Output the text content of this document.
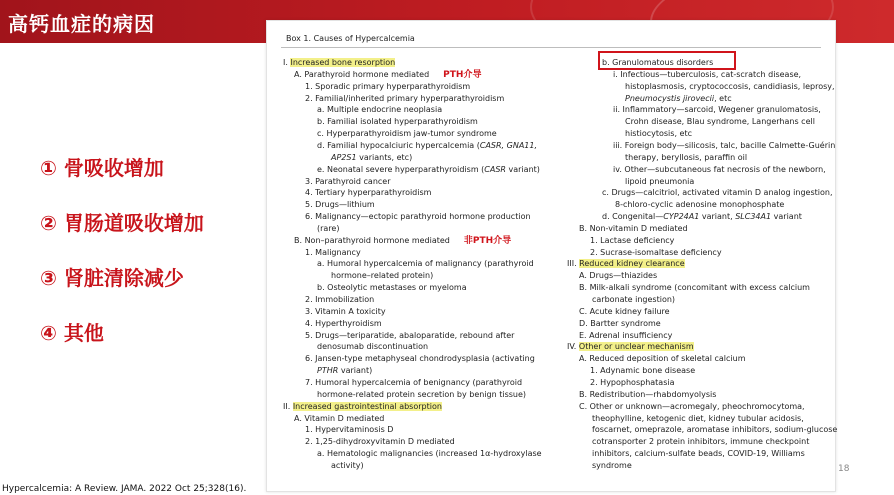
高钙血症的病因
① 骨吸收增加
② 胃肠道吸收增加
③ 肾脏清除减少
④ 其他
Box 1. Causes of Hypercalcemia
I. Increased bone resorption
A. Parathyroid hormone mediated PTH介导
1. Sporadic primary hyperparathyroidism
2. Familial/inherited primary hyperparathyroidism
a. Multiple endocrine neoplasia
b. Familial isolated hyperparathyroidism
c. Hyperparathyroidism jaw-tumor syndrome
d. Familial hypocalciuric hypercalcemia (CASR, GNA11,
AP2S1 variants, etc)
e. Neonatal severe hyperparathyroidism (CASR variant)
3. Parathyroid cancer
4. Tertiary hyperparathyroidism
5. Drugs—lithium
6. Malignancy—ectopic parathyroid hormone production
(rare)
B. Non–parathyroid hormone mediated 非PTH介导
1. Malignancy
a. Humoral hypercalcemia of malignancy (parathyroid
hormone–related protein)
b. Osteolytic metastases or myeloma
2. Immobilization
3. Vitamin A toxicity
4. Hyperthyroidism
5. Drugs—teriparatide, abaloparatide, rebound after
denosumab discontinuation
6. Jansen-type metaphyseal chondrodysplasia (activating
PTHR variant)
7. Humoral hypercalcemia of benignancy (parathyroid
hormone-related protein secretion by benign tissue)
II. Increased gastrointestinal absorption
A. Vitamin D mediated
1. Hypervitaminosis D
2. 1,25-dihydroxyvitamin D mediated
a. Hematologic malignancies (increased 1α-hydroxylase
activity)
b. Granulomatous disorders
i. Infectious—tuberculosis, cat-scratch disease,
histoplasmosis, cryptococcosis, candidiasis, leprosy,
Pneumocystis jirovecii, etc
ii. Inflammatory—sarcoid, Wegener granulomatosis,
Crohn disease, Blau syndrome, Langerhans cell
histiocytosis, etc
iii. Foreign body—silicosis, talc, bacille Calmette-Guérin
therapy, beryllosis, paraffin oil
iv. Other—subcutaneous fat necrosis of the newborn,
lipoid pneumonia
c. Drugs—calcitriol, activated vitamin D analog ingestion,
8-chloro-cyclic adenosine monophosphate
d. Congenital—CYP24A1 variant, SLC34A1 variant
B. Non-vitamin D mediated
1. Lactase deficiency
2. Sucrase-isomaltase deficiency
III. Reduced kidney clearance
A. Drugs—thiazides
B. Milk-alkali syndrome (concomitant with excess calcium
carbonate ingestion)
C. Acute kidney failure
D. Bartter syndrome
E. Adrenal insufficiency
IV. Other or unclear mechanism
A. Reduced deposition of skeletal calcium
1. Adynamic bone disease
2. Hypophosphatasia
B. Redistribution—rhabdomyolysis
C. Other or unknown—acromegaly, pheochromocytoma,
theophylline, ketogenic diet, kidney tubular acidosis,
foscarnet, omeprazole, aromatase inhibitors, sodium-glucose
cotransporter 2 protein inhibitors, immune checkpoint
inhibitors, calcium-sulfate beads, COVID-19, Williams
syndrome	18
Hypercalcemia: A Review. JAMA. 2022 Oct 25;328(16).
